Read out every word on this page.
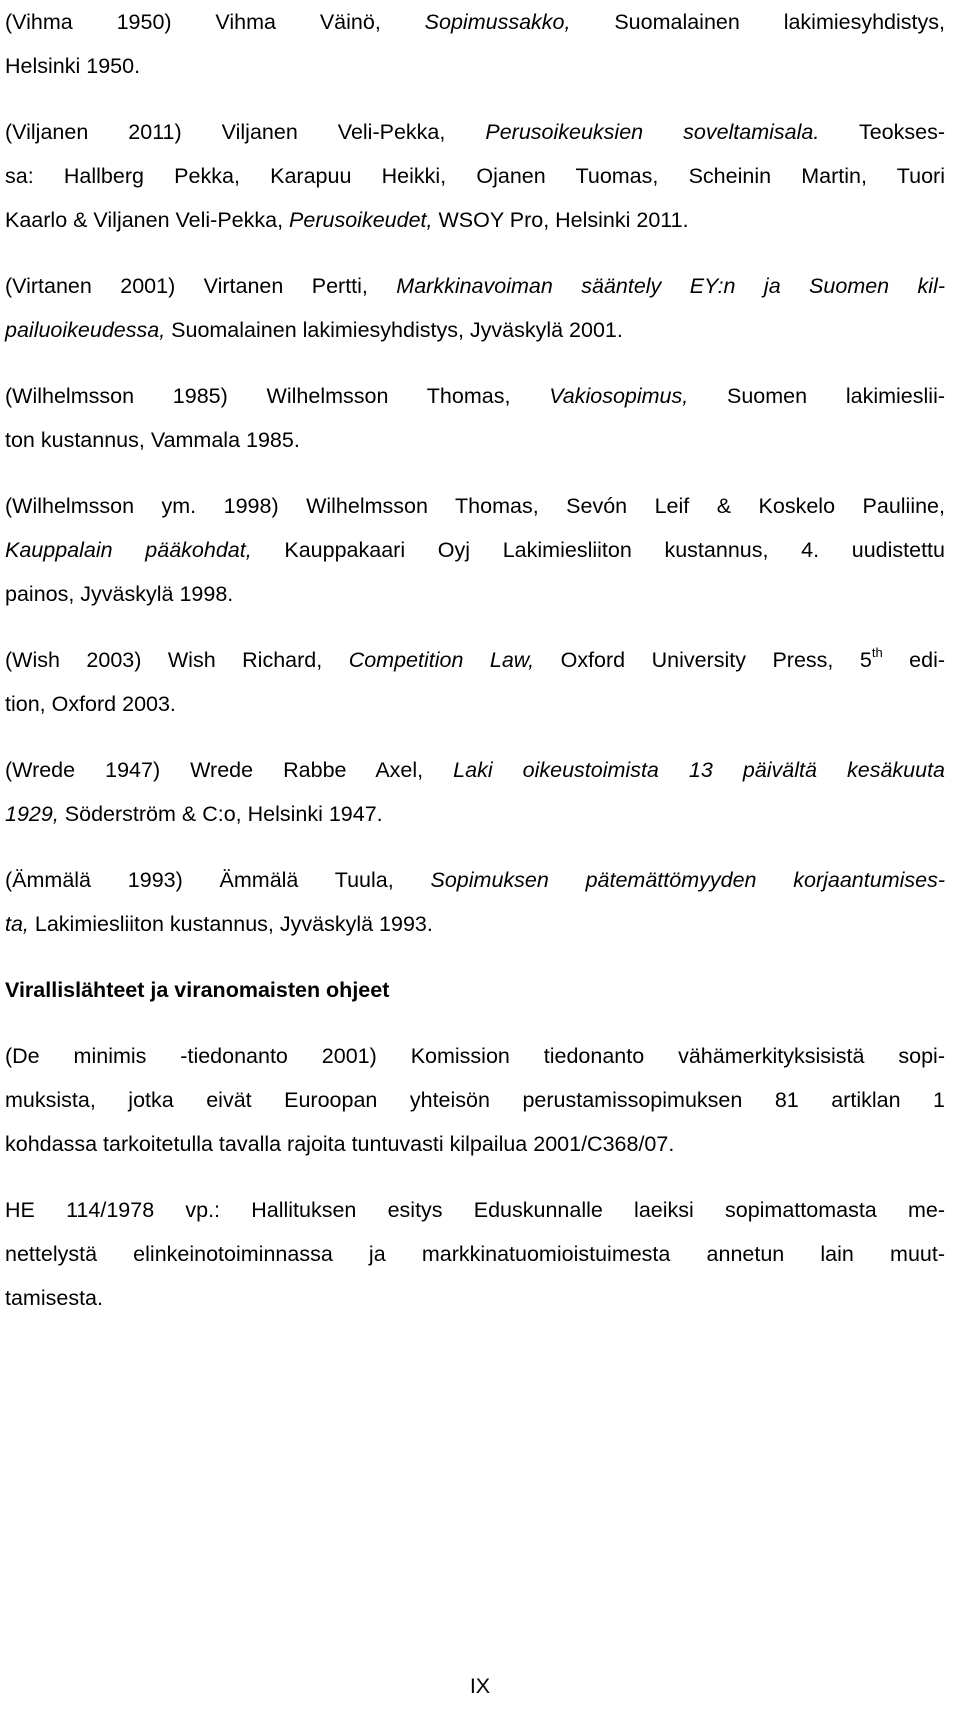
(Vihma 1950) Vihma Väinö, Sopimussakko, Suomalainen lakimiesyhdistys,
Helsinki 1950.

(Viljanen 2011) Viljanen Veli-Pekka, Perusoikeuksien soveltamisala. Teokses-
sa: Hallberg Pekka, Karapuu Heikki, Ojanen Tuomas, Scheinin Martin, Tuori
Kaarlo & Viljanen Veli-Pekka, Perusoikeudet, WSOY Pro, Helsinki 2011.

(Virtanen 2001) Virtanen Pertti, Markkinavoiman sääntely EY:n ja Suomen kil-
pailuoikeudessa, Suomalainen lakimiesyhdistys, Jyväskylä 2001.

(Wilhelmsson 1985) Wilhelmsson Thomas, Vakiosopimus, Suomen lakimieslii-
ton kustannus, Vammala 1985.

(Wilhelmsson ym. 1998) Wilhelmsson Thomas, Sevón Leif & Koskelo Pauliine,
Kauppalain pääkohdat, Kauppakaari Oyj Lakimiesliiton kustannus, 4. uudistettu
painos, Jyväskylä 1998.

(Wish 2003) Wish Richard, Competition Law, Oxford University Press, 5th edi-
tion, Oxford 2003.

(Wrede 1947) Wrede Rabbe Axel, Laki oikeustoimista 13 päivältä kesäkuuta
1929, Söderström & C:o, Helsinki 1947.

(Ämmälä 1993) Ämmälä Tuula, Sopimuksen pätemättömyyden korjaantumises-
ta, Lakimiesliiton kustannus, Jyväskylä 1993.

Virallislähteet ja viranomaisten ohjeet

(De minimis -tiedonanto 2001) Komission tiedonanto vähämerkityksisistä sopi-
muksista, jotka eivät Euroopan yhteisön perustamissopimuksen 81 artiklan 1
kohdassa tarkoitetulla tavalla rajoita tuntuvasti kilpailua 2001/C368/07.

HE 114/1978 vp.: Hallituksen esitys Eduskunnalle laeiksi sopimattomasta me-
nettelystä elinkeinotoiminnassa ja markkinatuomioistuimesta annetun lain muut-
tamisesta.

IX
